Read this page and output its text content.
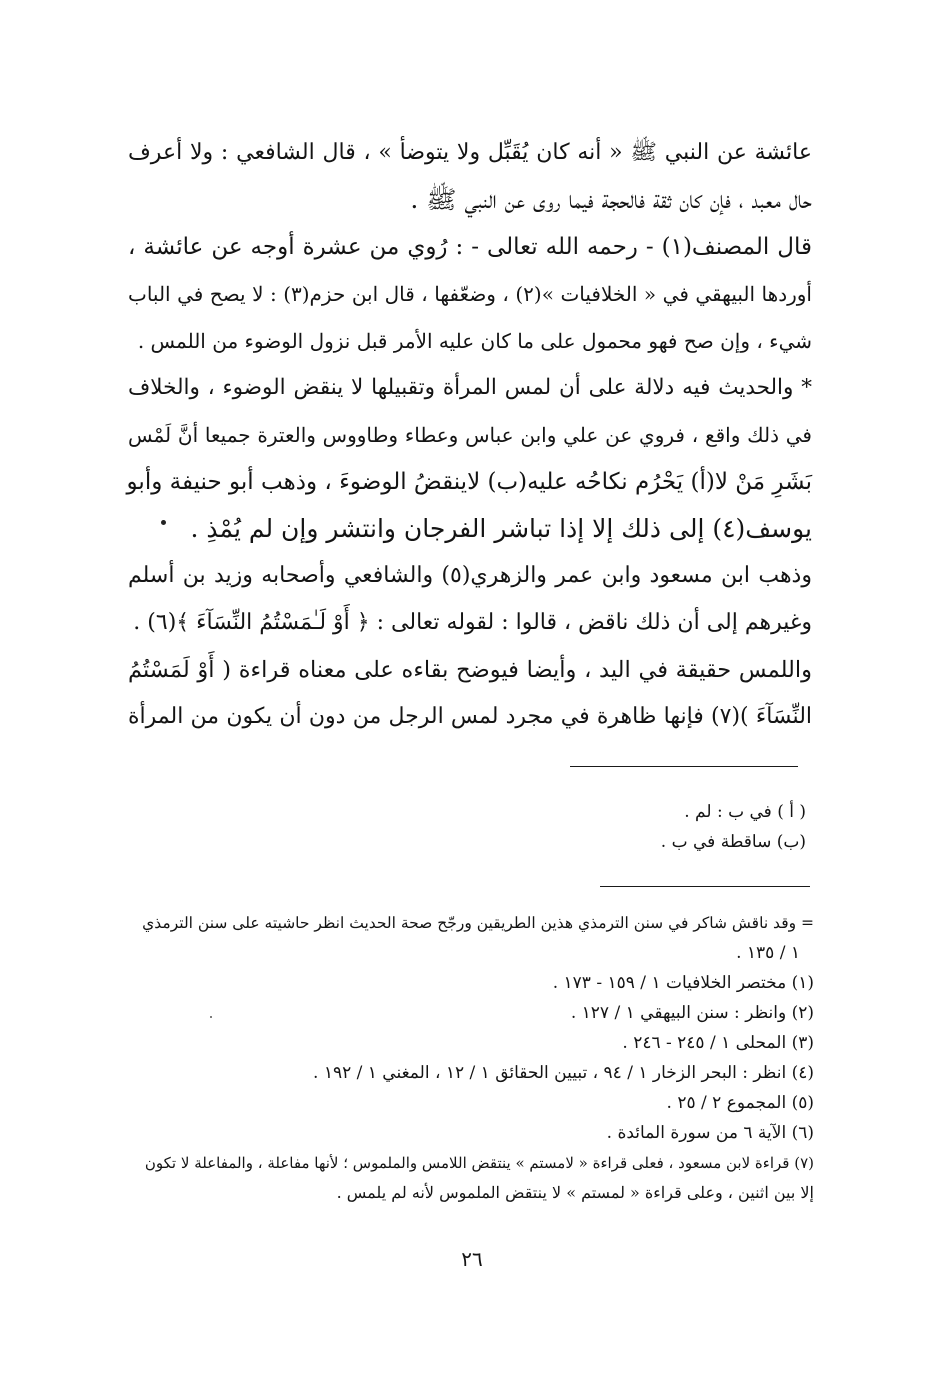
عائشة عن النبي ﷺ « أنه كان يُقَبِّل ولا يتوضأ » ، قال الشافعي : ولا أعرف
حال معبد ، فإن كان ثقة فالحجة فيما روى عن النبي ﷺ .
قال المصنف(١) - رحمه الله تعالى - : رُوي من عشرة أوجه عن عائشة ،
أوردها البيهقي في « الخلافيات »(٢) ، وضعّفها ، قال ابن حزم(٣) : لا يصح في الباب
شيء ، وإن صح فهو محمول على ما كان عليه الأمر قبل نزول الوضوء من اللمس .
* والحديث فيه دلالة على أن لمس المرأة وتقبيلها لا ينقض الوضوء ، والخلاف
في ذلك واقع ، فروي عن علي وابن عباس وعطاء وطاووس والعترة جميعا أنَّ لَمْس
بَشَرِ مَنْ لا(أ) يَحْرُم نكاحُه عليه(ب) لاينقضُ الوضوءَ ، وذهب أبو حنيفة وأبو
يوسف(٤) إلى ذلك إلا إذا تباشر الفرجان وانتشر وإن لم يُمْذِ .
وذهب ابن مسعود وابن عمر والزهري(٥) والشافعي وأصحابه وزيد بن أسلم
وغيرهم إلى أن ذلك ناقض ، قالوا : لقوله تعالى : ﴿ أَوْ لَـٰمَسْتُمُ النِّسَآءَ ﴾(٦) .
واللمس حقيقة في اليد ، وأيضا فيوضح بقاءه على معناه قراءة ( أَوْ لَمَسْتُمُ
النِّسَآءَ )(٧) فإنها ظاهرة في مجرد لمس الرجل من دون أن يكون من المرأة
( أ ) في ب : لم .
(ب) ساقطة في ب .
= وقد ناقش شاكر في سنن الترمذي هذين الطريقين ورجّح صحة الحديث انظر حاشيته على سنن الترمذي
١ / ١٣٥ .
(١) مختصر الخلافيات ١ / ١٥٩ - ١٧٣ .
(٢) وانظر : سنن البيهقي ١ / ١٢٧ .
(٣) المحلى ١ / ٢٤٥ - ٢٤٦ .
(٤) انظر : البحر الزخار ١ / ٩٤ ، تبيين الحقائق ١ / ١٢ ، المغني ١ / ١٩٢ .
(٥) المجموع ٢ / ٢٥ .
(٦) الآية ٦ من سورة المائدة .
(٧) قراءة لابن مسعود ، فعلى قراءة « لامستم » ينتقض اللامس والملموس ؛ لأنها مفاعلة ، والمفاعلة لا تكون
إلا بين اثنين ، وعلى قراءة « لمستم » لا ينتقض الملموس لأنه لم يلمس .
٢٦
